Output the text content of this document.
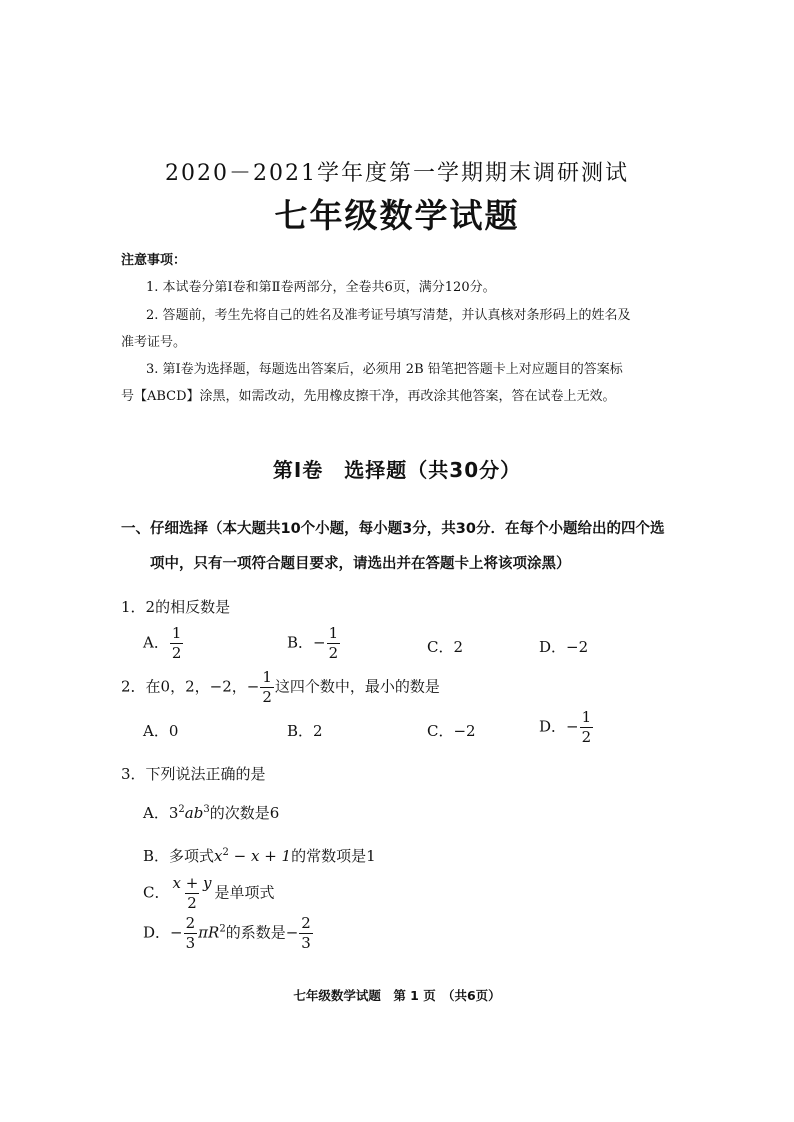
2020－2021学年度第一学期期末调研测试
七年级数学试题
注意事项：
1. 本试卷分第Ⅰ卷和第Ⅱ卷两部分，全卷共6页，满分120分。
2. 答题前，考生先将自己的姓名及准考证号填写清楚，并认真核对条形码上的姓名及
准考证号。
3. 第Ⅰ卷为选择题，每题选出答案后，必须用 2B 铅笔把答题卡上对应题目的答案标
号【ABCD】涂黑，如需改动，先用橡皮擦干净，再改涂其他答案，答在试卷上无效。
第Ⅰ卷　选择题（共30分）
一、仔细选择（本大题共10个小题，每小题3分，共30分．在每个小题给出的四个选
项中，只有一项符合题目要求，请选出并在答题卡上将该项涂黑）
1．2的相反数是
A． $\frac{1}{2}$	B．− $\frac{1}{2}$	C．2	D．−2
2．在0，2，−2，− $\frac{1}{2}$ 这四个数中，最小的数是
A．0	B．2	C．−2	D．− $\frac{1}{2}$
3．下列说法正确的是
A．$3^2ab^3$的次数是6
B．多项式$x^2 - x + 1$的常数项是1
C． $\frac{x + y}{2}$ 是单项式
D．− $\frac{2}{3} \pi R^2$的系数是− $\frac{2}{3}$
七年级数学试题　第 1 页　（共6页）
